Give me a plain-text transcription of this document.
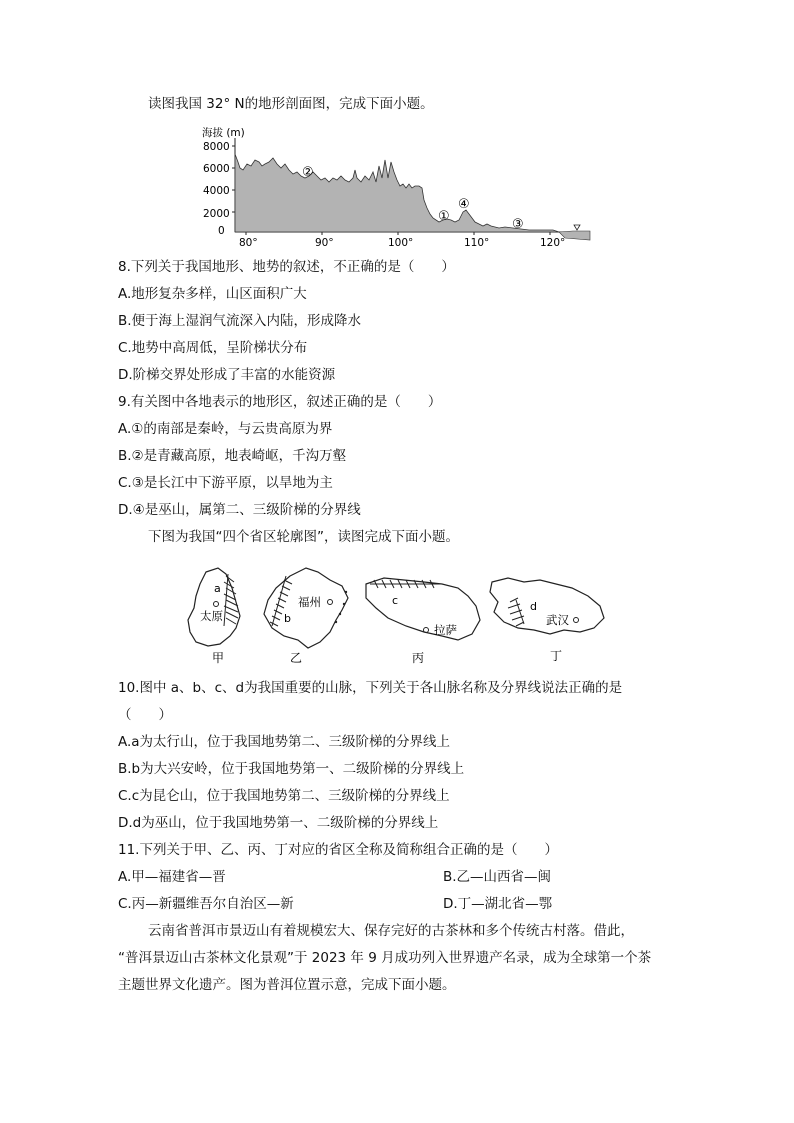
读图我国 32° N的地形剖面图，完成下面小题。
海拔 (m)
8000
6000
4000
2000
0
②
①
④
③
80°	90°	100°	110°	120°
8.下列关于我国地形、地势的叙述，不正确的是（　　）
A.地形复杂多样，山区面积广大
B.便于海上湿润气流深入内陆，形成降水
C.地势中高周低，呈阶梯状分布
D.阶梯交界处形成了丰富的水能资源
9.有关图中各地表示的地形区，叙述正确的是（　　）
A.①的南部是秦岭，与云贵高原为界
B.②是青藏高原，地表崎岖，千沟万壑
C.③是长江中下游平原，以旱地为主
D.④是巫山，属第二、三级阶梯的分界线
下图为我国“四个省区轮廓图”，读图完成下面小题。
a
太原
甲
福州
b
乙
c
拉萨
丙
d
武汉
丁
10.图中 a、b、c、d为我国重要的山脉，下列关于各山脉名称及分界线说法正确的是
（　　）
A.a为太行山，位于我国地势第二、三级阶梯的分界线上
B.b为大兴安岭，位于我国地势第一、二级阶梯的分界线上
C.c为昆仑山，位于我国地势第二、三级阶梯的分界线上
D.d为巫山，位于我国地势第一、二级阶梯的分界线上
11.下列关于甲、乙、丙、丁对应的省区全称及简称组合正确的是（　　）
A.甲—福建省—晋	B.乙—山西省—闽
C.丙—新疆维吾尔自治区—新	D.丁—湖北省—鄂
云南省普洱市景迈山有着规模宏大、保存完好的古茶林和多个传统古村落。借此，
“普洱景迈山古茶林文化景观”于 2023 年 9 月成功列入世界遗产名录，成为全球第一个茶
主题世界文化遗产。图为普洱位置示意，完成下面小题。
